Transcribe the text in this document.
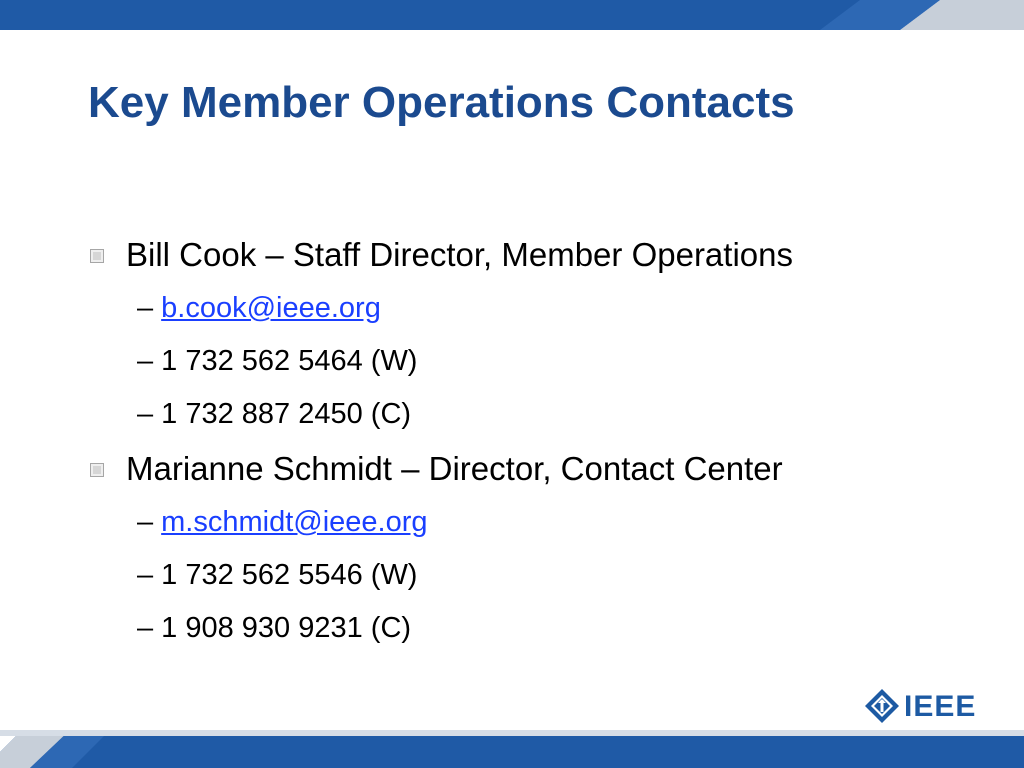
Key Member Operations Contacts
Bill Cook – Staff Director, Member Operations
– b.cook@ieee.org
– 1 732 562 5464 (W)
– 1 732 887 2450 (C)
Marianne Schmidt – Director, Contact Center
– m.schmidt@ieee.org
– 1 732 562 5546 (W)
– 1 908 930 9231 (C)
IEEE
